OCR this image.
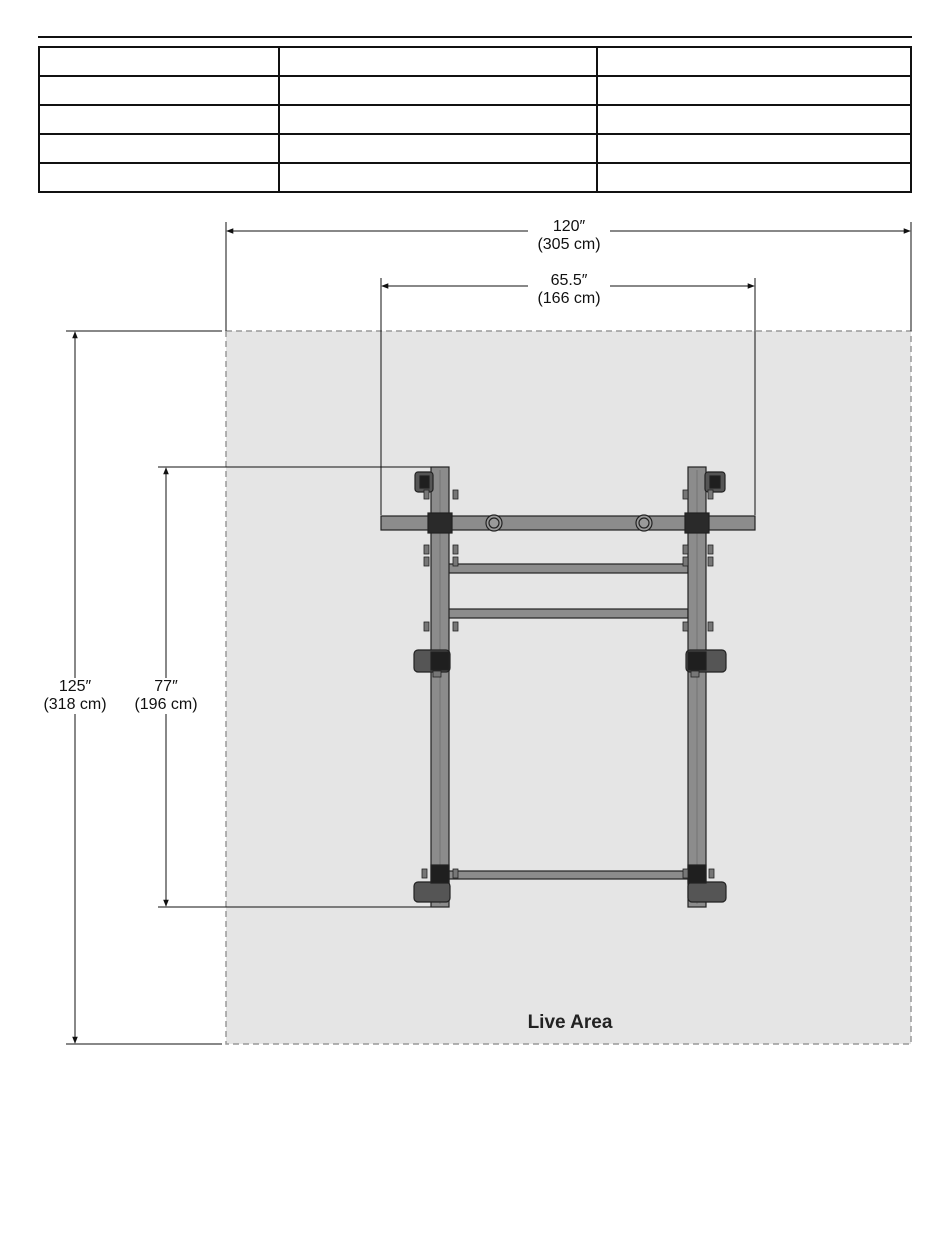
120″
(305 cm)
65.5″
(166 cm)
125″
(318 cm)
77″
(196 cm)
Live Area
